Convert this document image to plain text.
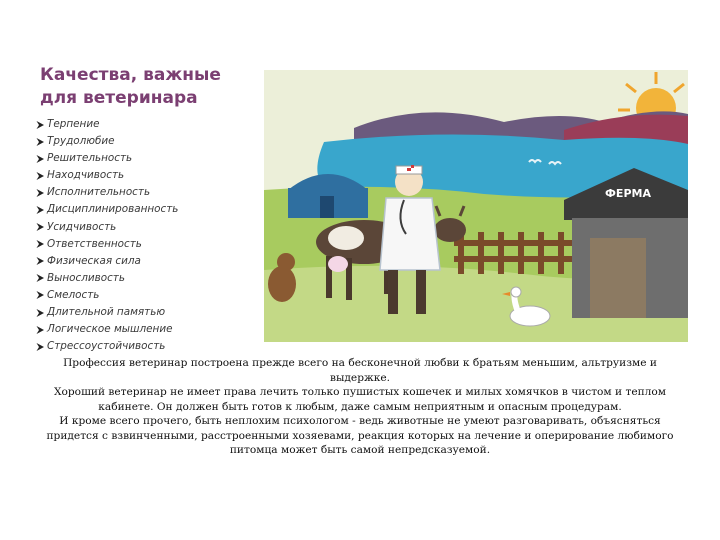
Качества, важные для ветеринара
Терпение
Трудолюбие
Решительность
Находчивость
Исполнительность
Дисциплинированность
Усидчивость
Ответственность
Физическая сила
Выносливость
Смелость
Длительной памятью
Логическое мышление
Стрессоустойчивость
ФЕРМА

Профессия ветеринар построена прежде всего на бесконечной любви к братьям меньшим, альтруизме и выдержке.

Хороший ветеринар не имеет права лечить только пушистых кошечек и милых хомячков в чистом и теплом кабинете. Он должен быть готов к любым, даже самым неприятным и опасным процедурам.

И кроме всего прочего, быть неплохим психологом - ведь животные не умеют разговаривать, объясняться придется с взвинченными, расстроенными хозяевами, реакция которых на лечение и оперирование любимого питомца может быть самой непредсказуемой.
